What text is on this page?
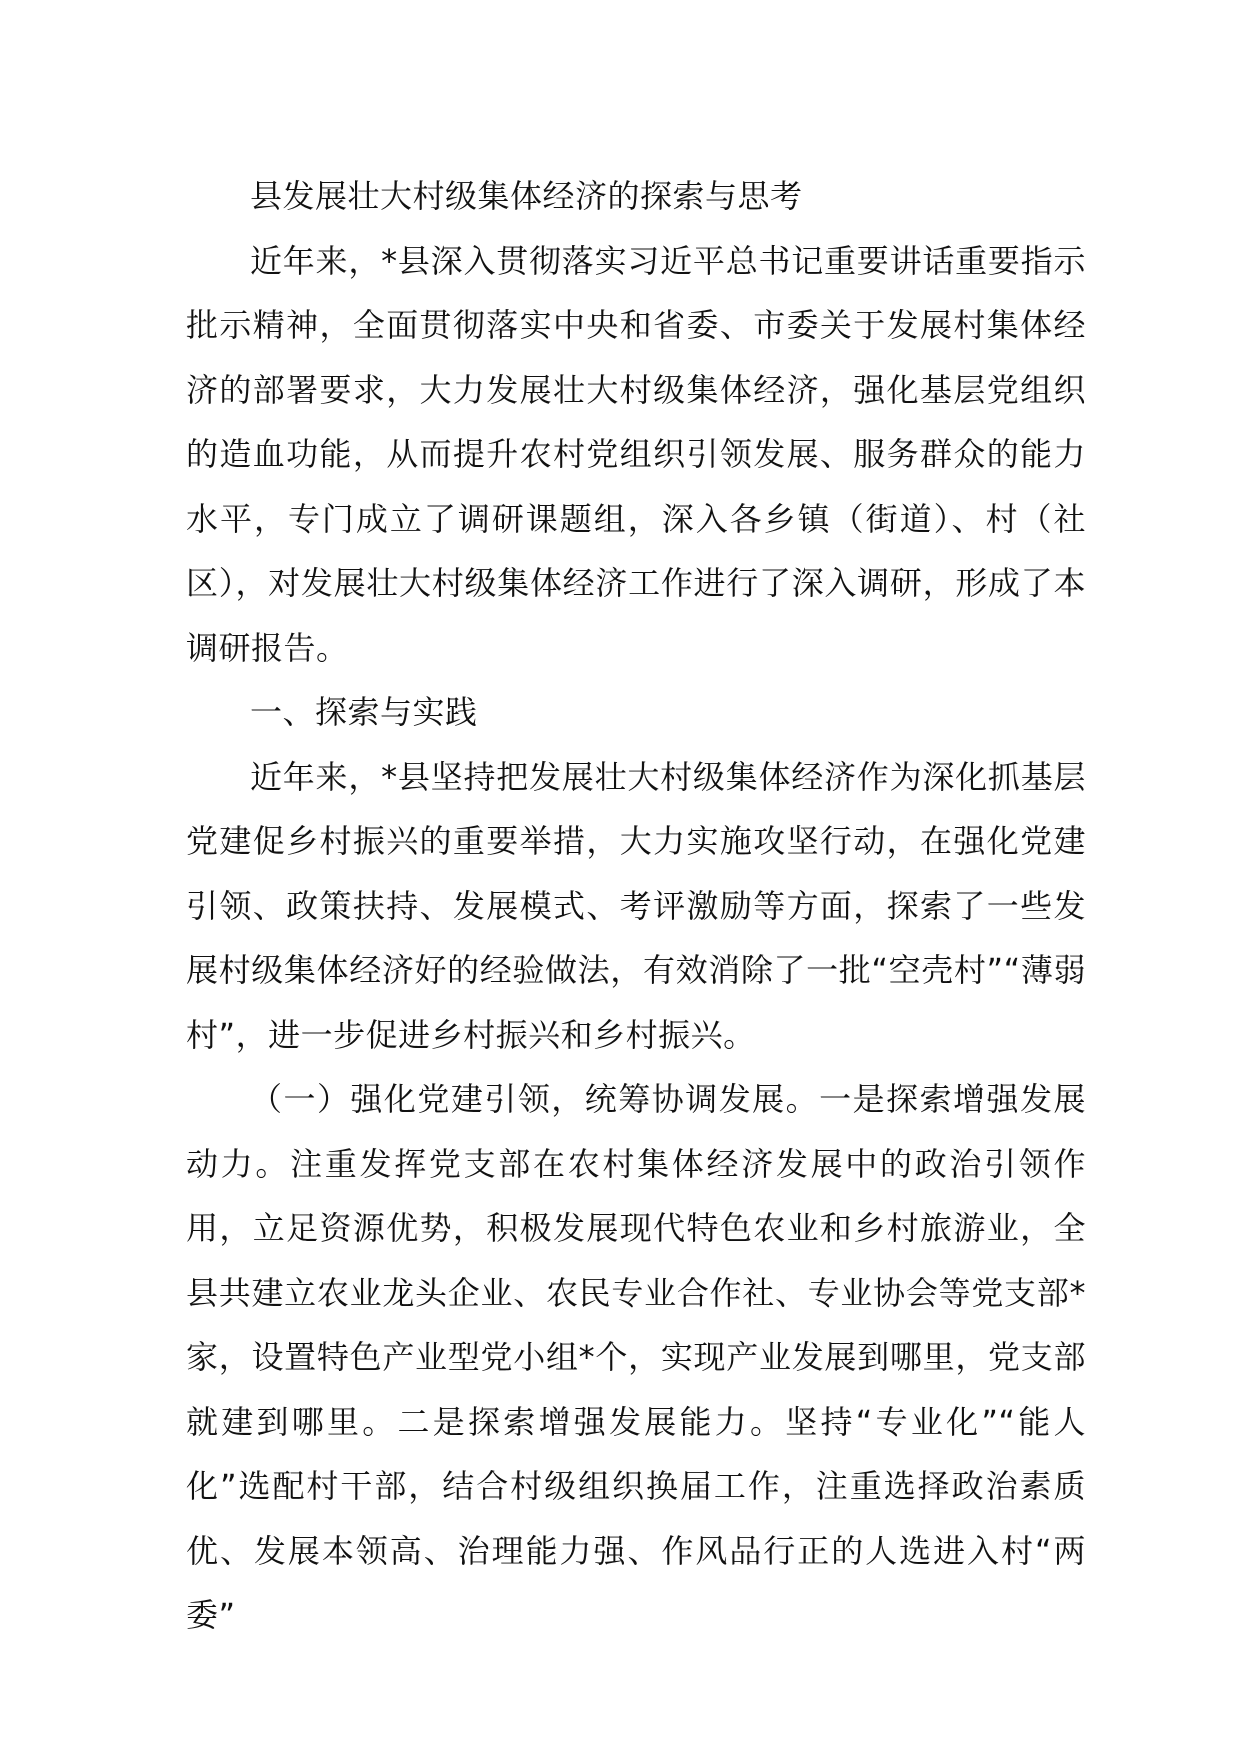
县发展壮大村级集体经济的探索与思考

近年来，*县深入贯彻落实习近平总书记重要讲话重要指示批示精神，全面贯彻落实中央和省委、市委关于发展村集体经济的部署要求，大力发展壮大村级集体经济，强化基层党组织的造血功能，从而提升农村党组织引领发展、服务群众的能力水平，专门成立了调研课题组，深入各乡镇（街道）、村（社区），对发展壮大村级集体经济工作进行了深入调研，形成了本调研报告。

一、探索与实践

近年来，*县坚持把发展壮大村级集体经济作为深化抓基层党建促乡村振兴的重要举措，大力实施攻坚行动，在强化党建引领、政策扶持、发展模式、考评激励等方面，探索了一些发展村级集体经济好的经验做法，有效消除了一批“空壳村”“薄弱村”，进一步促进乡村振兴和乡村振兴。

（一）强化党建引领，统筹协调发展。一是探索增强发展动力。注重发挥党支部在农村集体经济发展中的政治引领作用，立足资源优势，积极发展现代特色农业和乡村旅游业，全县共建立农业龙头企业、农民专业合作社、专业协会等党支部*家，设置特色产业型党小组*个，实现产业发展到哪里，党支部就建到哪里。二是探索增强发展能力。坚持“专业化”“能人化”选配村干部，结合村级组织换届工作，注重选择政治素质优、发展本领高、治理能力强、作风品行正的人选进入村“两委”
